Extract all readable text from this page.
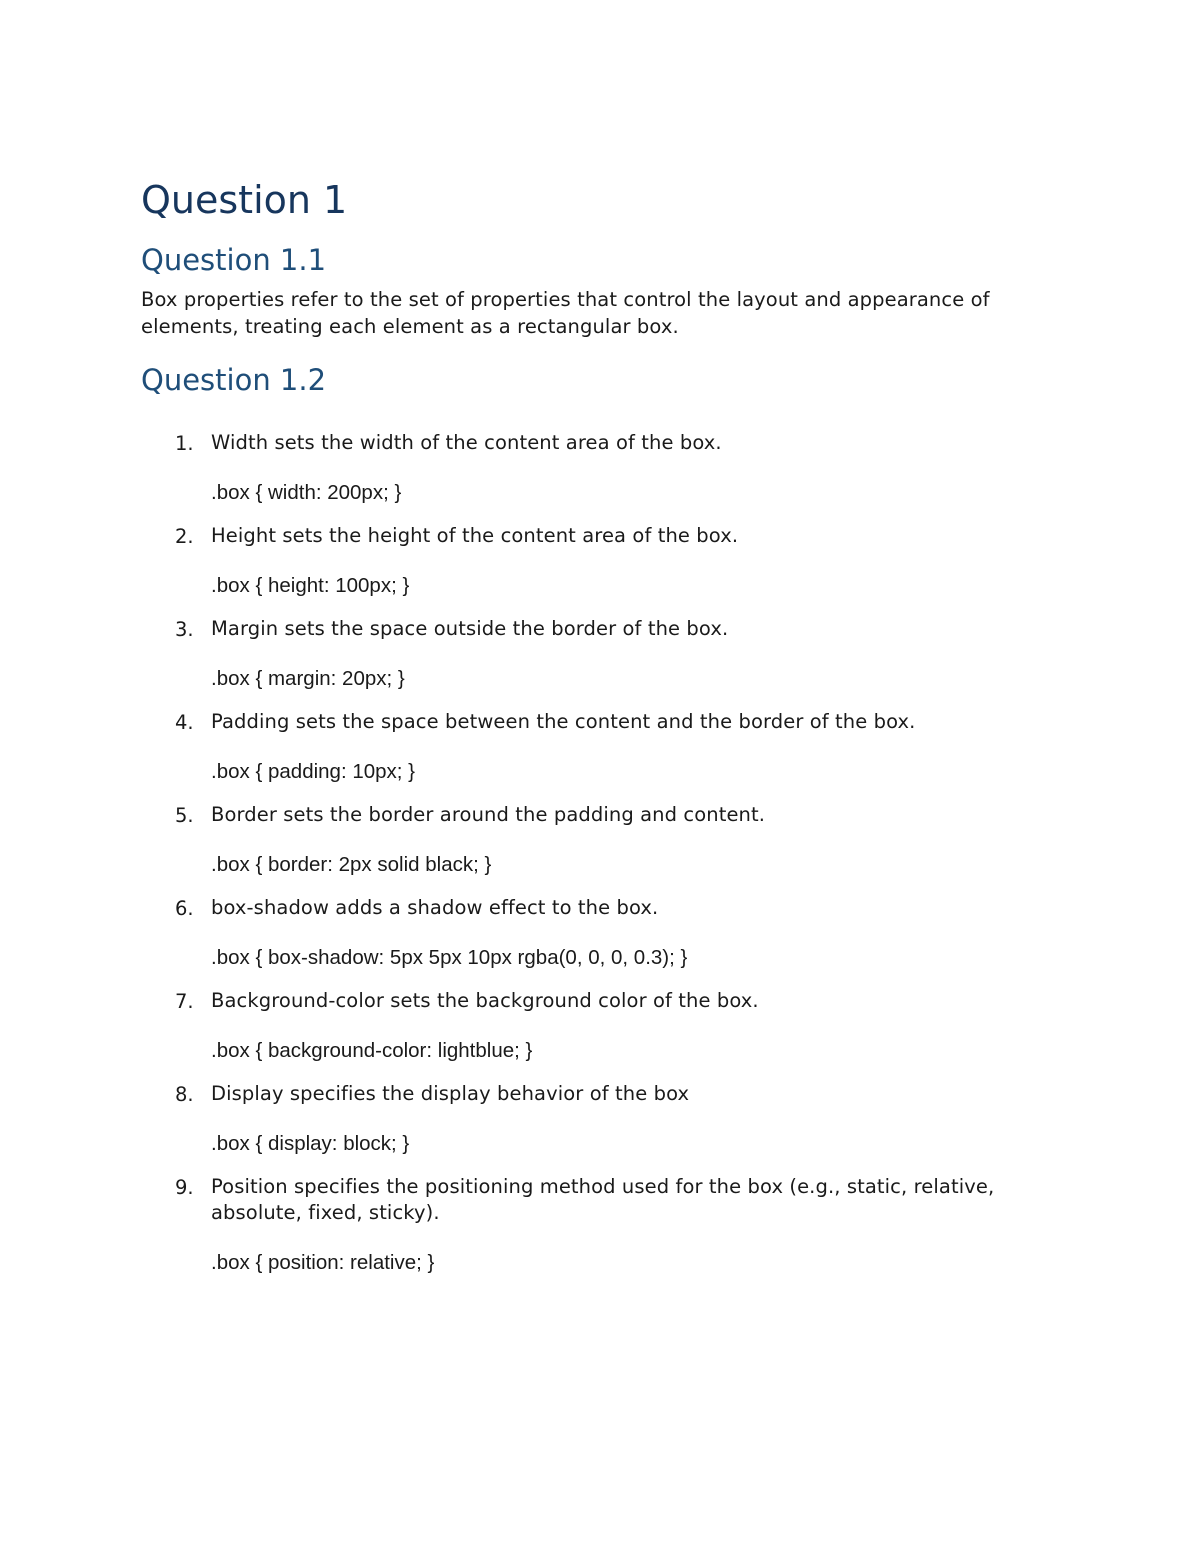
Question 1
Question 1.1

Box properties refer to the set of properties that control the layout and appearance of elements, treating each element as a rectangular box.

Question 1.2
1. Width sets the width of the content area of the box.
.box { width: 200px; }
2. Height sets the height of the content area of the box.
.box { height: 100px; }
3. Margin sets the space outside the border of the box.
.box { margin: 20px; }
4. Padding sets the space between the content and the border of the box.
.box { padding: 10px; }
5. Border sets the border around the padding and content.
.box { border: 2px solid black; }
6. box-shadow adds a shadow effect to the box.
.box { box-shadow: 5px 5px 10px rgba(0, 0, 0, 0.3); }
7. Background-color sets the background color of the box.
.box { background-color: lightblue; }
8. Display specifies the display behavior of the box
.box { display: block; }
9. Position specifies the positioning method used for the box (e.g., static, relative, absolute, fixed, sticky).
.box { position: relative; }
